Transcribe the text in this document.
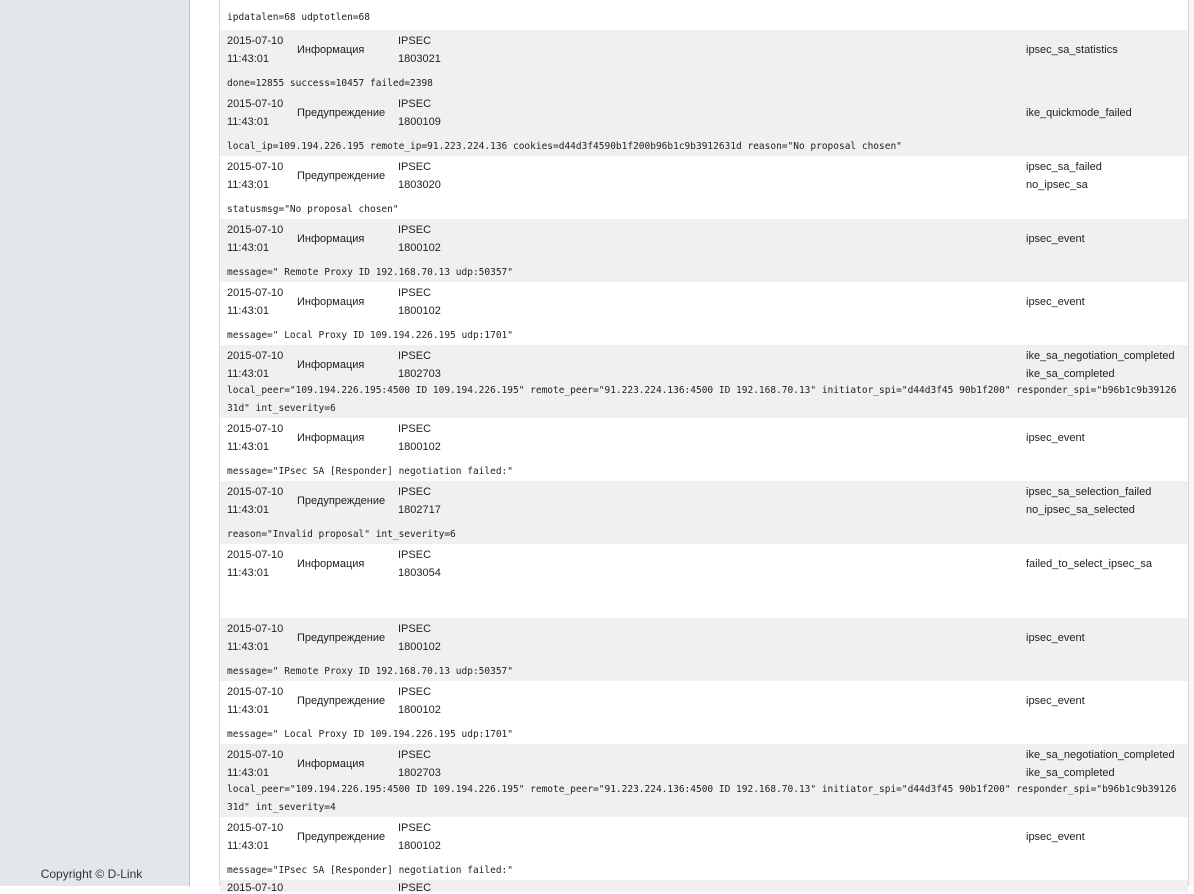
Copyright © D-Link
ipdatalen=68 udptotlen=68
2015-07-10
11:43:01
Информация
IPSEC
1803021
ipsec_sa_statistics
done=12855 success=10457 failed=2398
2015-07-10
11:43:01
Предупреждение
IPSEC
1800109
ike_quickmode_failed
local_ip=109.194.226.195 remote_ip=91.223.224.136 cookies=d44d3f4590b1f200b96b1c9b3912631d reason="No proposal chosen"
2015-07-10
11:43:01
Предупреждение
IPSEC
1803020
ipsec_sa_failed
no_ipsec_sa
statusmsg="No proposal chosen"
2015-07-10
11:43:01
Информация
IPSEC
1800102
ipsec_event
message=" Remote Proxy ID 192.168.70.13 udp:50357"
2015-07-10
11:43:01
Информация
IPSEC
1800102
ipsec_event
message=" Local Proxy ID 109.194.226.195 udp:1701"
2015-07-10
11:43:01
Информация
IPSEC
1802703
ike_sa_negotiation_completed
ike_sa_completed
local_peer="109.194.226.195:4500 ID 109.194.226.195" remote_peer="91.223.224.136:4500 ID 192.168.70.13" initiator_spi="d44d3f45 90b1f200" responder_spi="b96b1c9b3912631d" int_severity=6
2015-07-10
11:43:01
Информация
IPSEC
1800102
ipsec_event
message="IPsec SA [Responder] negotiation failed:"
2015-07-10
11:43:01
Предупреждение
IPSEC
1802717
ipsec_sa_selection_failed
no_ipsec_sa_selected
reason="Invalid proposal" int_severity=6
2015-07-10
11:43:01
Информация
IPSEC
1803054
failed_to_select_ipsec_sa
2015-07-10
11:43:01
Предупреждение
IPSEC
1800102
ipsec_event
message=" Remote Proxy ID 192.168.70.13 udp:50357"
2015-07-10
11:43:01
Предупреждение
IPSEC
1800102
ipsec_event
message=" Local Proxy ID 109.194.226.195 udp:1701"
2015-07-10
11:43:01
Информация
IPSEC
1802703
ike_sa_negotiation_completed
ike_sa_completed
local_peer="109.194.226.195:4500 ID 109.194.226.195" remote_peer="91.223.224.136:4500 ID 192.168.70.13" initiator_spi="d44d3f45 90b1f200" responder_spi="b96b1c9b3912631d" int_severity=4
2015-07-10
11:43:01
Предупреждение
IPSEC
1800102
ipsec_event
message="IPsec SA [Responder] negotiation failed:"
2015-07-10	IPSEC
